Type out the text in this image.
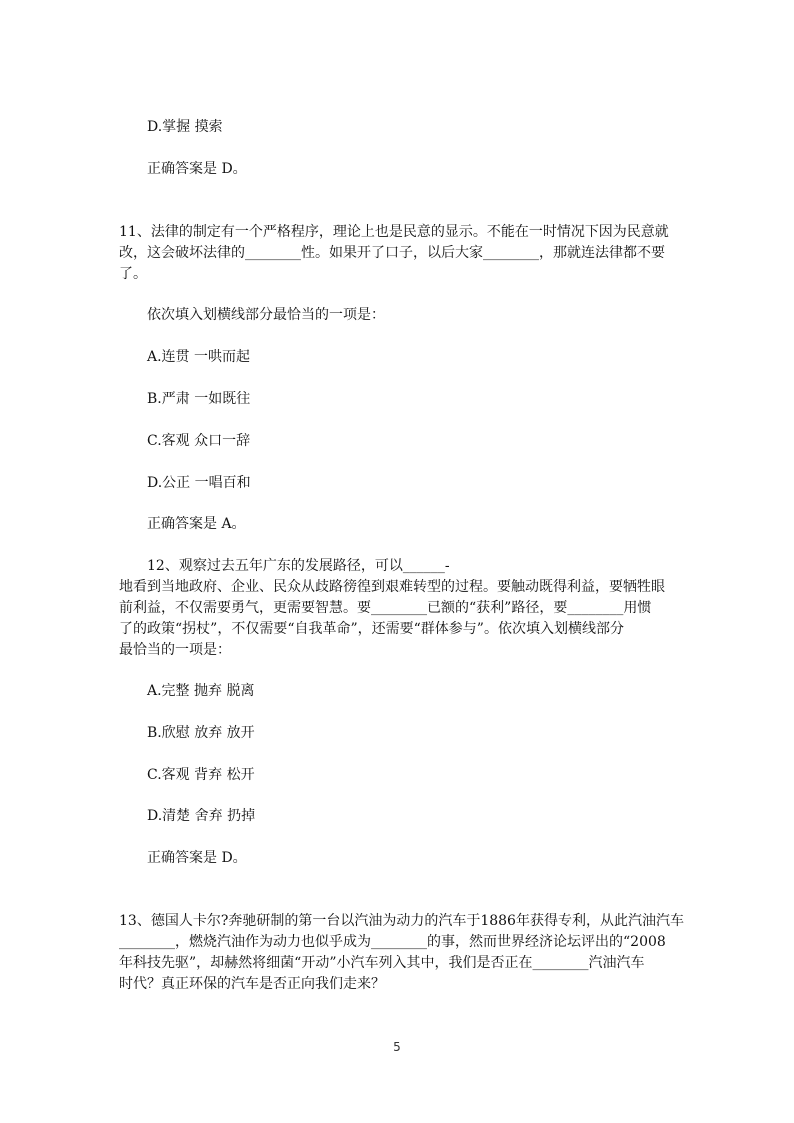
D.掌握 摸索
正确答案是 D。
11、法律的制定有一个严格程序，理论上也是民意的显示。不能在一时情况下因为民意就
改，这会破坏法律的________性。如果开了口子，以后大家________，那就连法律都不要
了。
依次填入划横线部分最恰当的一项是：
A.连贯 一哄而起
B.严肃 一如既往
C.客观 众口一辞
D.公正 一唱百和
正确答案是 A。
12、观察过去五年广东的发展路径，可以______-
地看到当地政府、企业、民众从歧路徬徨到艰难转型的过程。要触动既得利益，要牺牲眼
前利益，不仅需要勇气，更需要智慧。要________已额的“获利”路径，要________用惯
了的政策“拐杖”，不仅需要“自我革命”，还需要“群体参与”。依次填入划横线部分
最恰当的一项是：
A.完整 抛弃 脱离
B.欣慰 放弃 放开
C.客观 背弃 松开
D.清楚 舍弃 扔掉
正确答案是 D。
13、德国人卡尔?奔驰研制的第一台以汽油为动力的汽车于1886年获得专利，从此汽油汽车
________，燃烧汽油作为动力也似乎成为________的事，然而世界经济论坛评出的“2008
年科技先驱”，却赫然将细菌“开动”小汽车列入其中，我们是否正在________汽油汽车
时代？真正环保的汽车是否正向我们走来？
5
